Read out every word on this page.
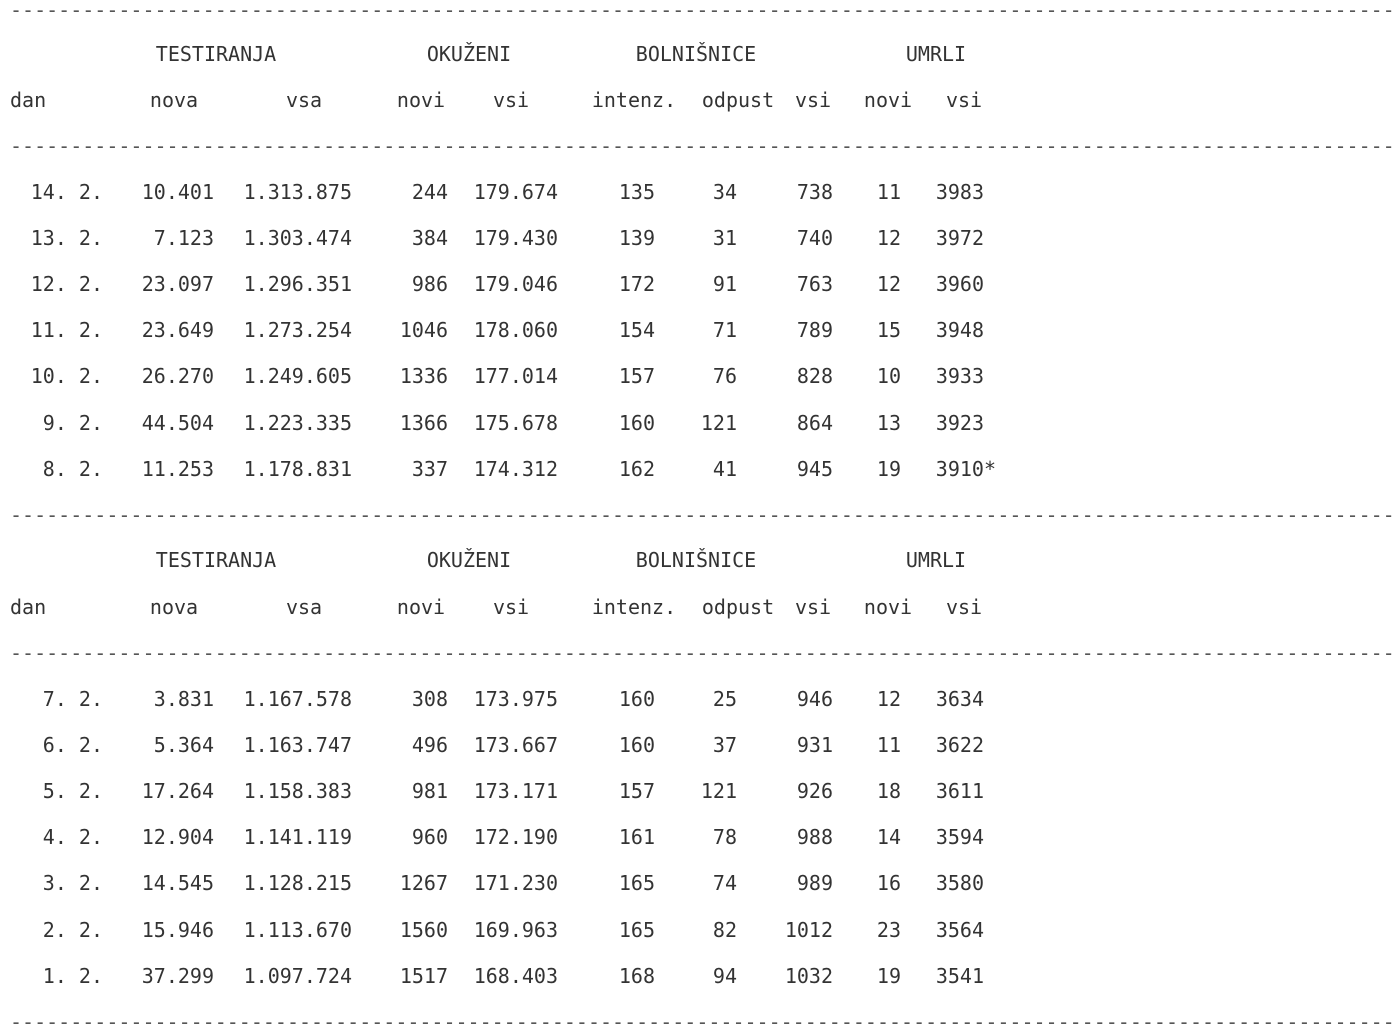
-------------------------------------------------------------------------------------------------------------------
TESTIRANJA	OKUŽENI	BOLNIŠNICE	UMRLI
dan	nova	vsa	novi	vsi	intenz.	odpust	vsi	novi	vsi
-------------------------------------------------------------------------------------------------------------------
14. 2.	10.401	1.313.875	244	179.674	135	34	738	11	3983
13. 2.	7.123	1.303.474	384	179.430	139	31	740	12	3972
12. 2.	23.097	1.296.351	986	179.046	172	91	763	12	3960
11. 2.	23.649	1.273.254	1046	178.060	154	71	789	15	3948
10. 2.	26.270	1.249.605	1336	177.014	157	76	828	10	3933
9. 2.	44.504	1.223.335	1366	175.678	160	121	864	13	3923
8. 2.	11.253	1.178.831	337	174.312	162	41	945	19	3910*
-------------------------------------------------------------------------------------------------------------------
TESTIRANJA	OKUŽENI	BOLNIŠNICE	UMRLI
dan	nova	vsa	novi	vsi	intenz.	odpust	vsi	novi	vsi
-------------------------------------------------------------------------------------------------------------------
7. 2.	3.831	1.167.578	308	173.975	160	25	946	12	3634
6. 2.	5.364	1.163.747	496	173.667	160	37	931	11	3622
5. 2.	17.264	1.158.383	981	173.171	157	121	926	18	3611
4. 2.	12.904	1.141.119	960	172.190	161	78	988	14	3594
3. 2.	14.545	1.128.215	1267	171.230	165	74	989	16	3580
2. 2.	15.946	1.113.670	1560	169.963	165	82	1012	23	3564
1. 2.	37.299	1.097.724	1517	168.403	168	94	1032	19	3541
-------------------------------------------------------------------------------------------------------------------
